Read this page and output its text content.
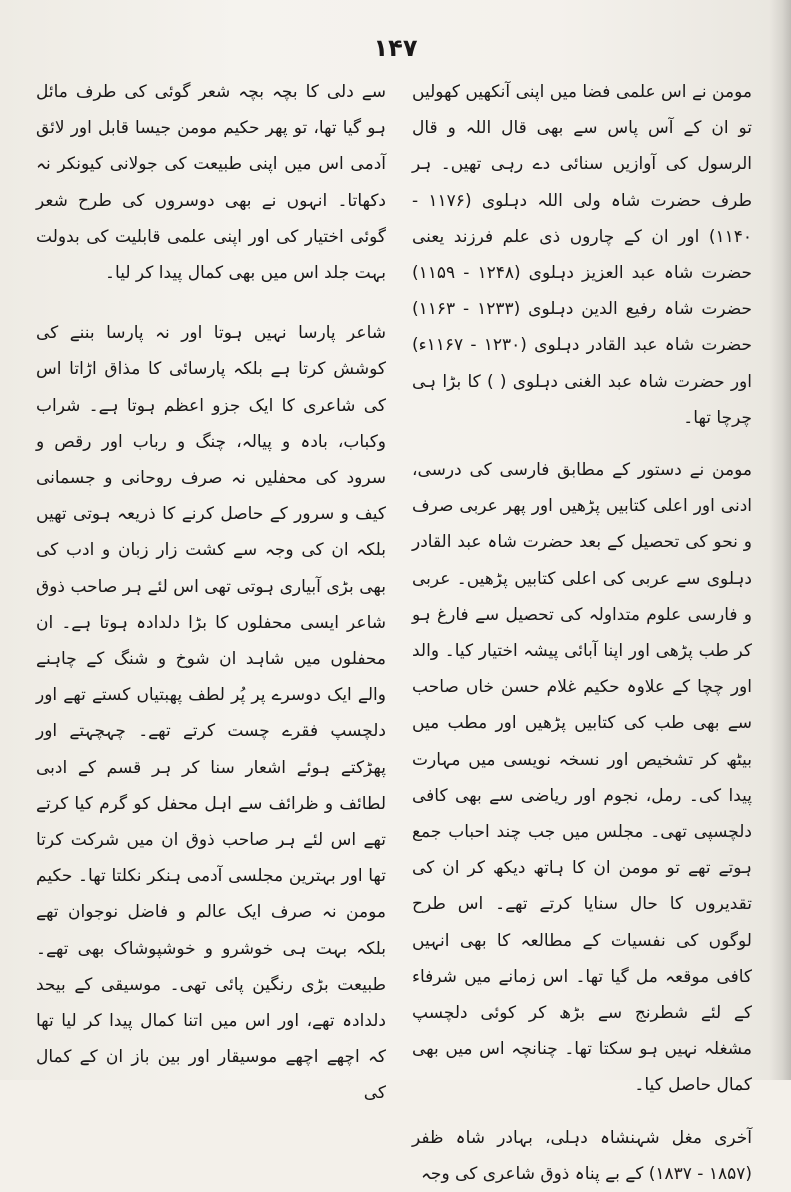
۱۴۷

مومن نے اس علمی فضا میں اپنی آنکھیں کھولیں تو ان کے آس پاس سے بھی قال اللہ و قال الرسول کی آوازیں سنائی دے رہی تھیں۔ ہر طرف حضرت شاہ ولی اللہ دہلوی (۱۱۷۶ - ۱۱۴۰) اور ان کے چاروں ذی علم فرزند یعنی حضرت شاہ عبد العزیز دہلوی (۱۲۴۸ - ۱۱۵۹) حضرت شاہ رفیع الدین دہلوی (۱۲۳۳ - ۱۱۶۳) حضرت شاہ عبد القادر دہلوی (۱۲۳۰ - ۱۱۶۷ء) اور حضرت شاہ عبد الغنی دہلوی ( ) کا بڑا ہی چرچا تھا۔

مومن نے دستور کے مطابق فارسی کی درسی، ادنی اور اعلی کتابیں پڑھیں اور پھر عربی صرف و نحو کی تحصیل کے بعد حضرت شاہ عبد القادر دہلوی سے عربی کی اعلی کتابیں پڑھیں۔ عربی و فارسی علوم متداولہ کی تحصیل سے فارغ ہو کر طب پڑھی اور اپنا آبائی پیشہ اختیار کیا۔ والد اور چچا کے علاوہ حکیم غلام حسن خاں صاحب سے بھی طب کی کتابیں پڑھیں اور مطب میں بیٹھ کر تشخیص اور نسخہ نویسی میں مہارت پیدا کی۔ رمل، نجوم اور ریاضی سے بھی کافی دلچسپی تھی۔ مجلس میں جب چند احباب جمع ہوتے تھے تو مومن ان کا ہاتھ دیکھ کر ان کی تقدیروں کا حال سنایا کرتے تھے۔ اس طرح لوگوں کی نفسیات کے مطالعہ کا بھی انہیں کافی موقعہ مل گیا تھا۔ اس زمانے میں شرفاء کے لئے شطرنج سے بڑھ کر کوئی دلچسپ مشغلہ نہیں ہو سکتا تھا۔ چنانچہ اس میں بھی کمال حاصل کیا۔

آخری مغل شہنشاہ دہلی، بہادر شاہ ظفر (۱۸۵۷ - ۱۸۳۷) کے بے پناہ ذوق شاعری کی وجہ

سے دلی کا بچہ بچہ شعر گوئی کی طرف مائل ہو گیا تھا، تو پھر حکیم مومن جیسا قابل اور لائق آدمی اس میں اپنی طبیعت کی جولانی کیونکر نہ دکھاتا۔ انہوں نے بھی دوسروں کی طرح شعر گوئی اختیار کی اور اپنی علمی قابلیت کی بدولت بہت جلد اس میں بھی کمال پیدا کر لیا۔

شاعر پارسا نہیں ہوتا اور نہ پارسا بننے کی کوشش کرتا ہے بلکہ پارسائی کا مذاق اڑاتا اس کی شاعری کا ایک جزو اعظم ہوتا ہے۔ شراب وکباب، بادہ و پیالہ، چنگ و رباب اور رقص و سرود کی محفلیں نہ صرف روحانی و جسمانی کیف و سرور کے حاصل کرنے کا ذریعہ ہوتی تھیں بلکہ ان کی وجہ سے کشت زار زبان و ادب کی بھی بڑی آبیاری ہوتی تھی اس لئے ہر صاحب ذوق شاعر ایسی محفلوں کا بڑا دلدادہ ہوتا ہے۔ ان محفلوں میں شاہد ان شوخ و شنگ کے چاہنے والے ایک دوسرے پر پُر لطف پھبتیاں کستے تھے اور دلچسپ فقرے چست کرتے تھے۔ چہچہتے اور پھڑکتے ہوئے اشعار سنا کر ہر قسم کے ادبی لطائف و ظرائف سے اہل محفل کو گرم کیا کرتے تھے اس لئے ہر صاحب ذوق ان میں شرکت کرتا تھا اور بہترین مجلسی آدمی ہنکر نکلتا تھا۔ حکیم مومن نہ صرف ایک عالم و فاضل نوجوان تھے بلکہ بہت ہی خوشرو و خوشپوشاک بھی تھے۔ طبیعت بڑی رنگین پائی تھی۔ موسیقی کے بیحد دلدادہ تھے، اور اس میں اتنا کمال پیدا کر لیا تھا کہ اچھے اچھے موسیقار اور بین باز ان کے کمال کی
